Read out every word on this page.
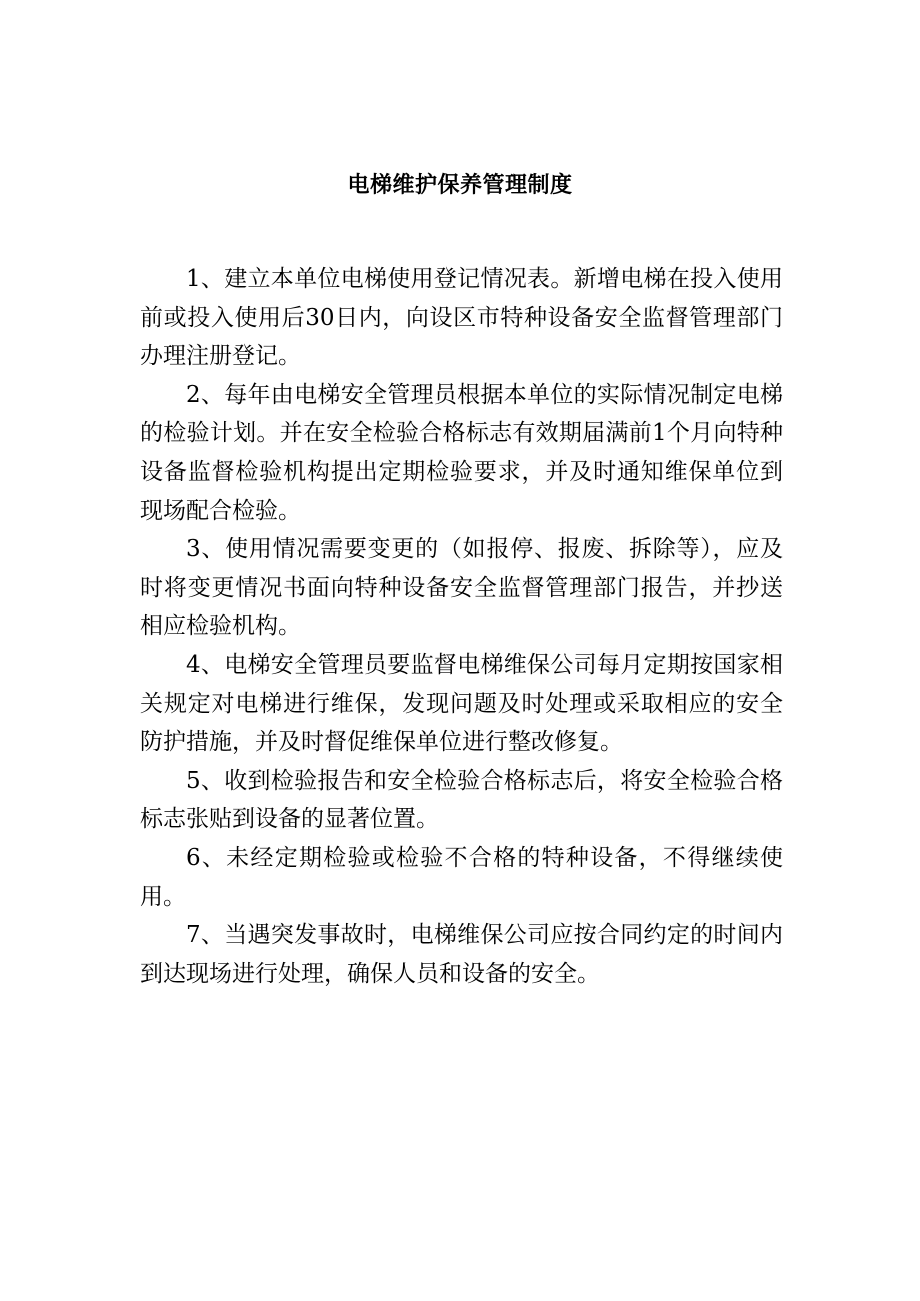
电梯维护保养管理制度

1、建立本单位电梯使用登记情况表。新增电梯在投入使用前或投入使用后30日内，向设区市特种设备安全监督管理部门办理注册登记。

2、每年由电梯安全管理员根据本单位的实际情况制定电梯的检验计划。并在安全检验合格标志有效期届满前1个月向特种设备监督检验机构提出定期检验要求，并及时通知维保单位到现场配合检验。

3、使用情况需要变更的（如报停、报废、拆除等），应及时将变更情况书面向特种设备安全监督管理部门报告，并抄送相应检验机构。

4、电梯安全管理员要监督电梯维保公司每月定期按国家相关规定对电梯进行维保，发现问题及时处理或采取相应的安全防护措施，并及时督促维保单位进行整改修复。

5、收到检验报告和安全检验合格标志后，将安全检验合格标志张贴到设备的显著位置。

6、未经定期检验或检验不合格的特种设备，不得继续使用。

7、当遇突发事故时，电梯维保公司应按合同约定的时间内到达现场进行处理，确保人员和设备的安全。
